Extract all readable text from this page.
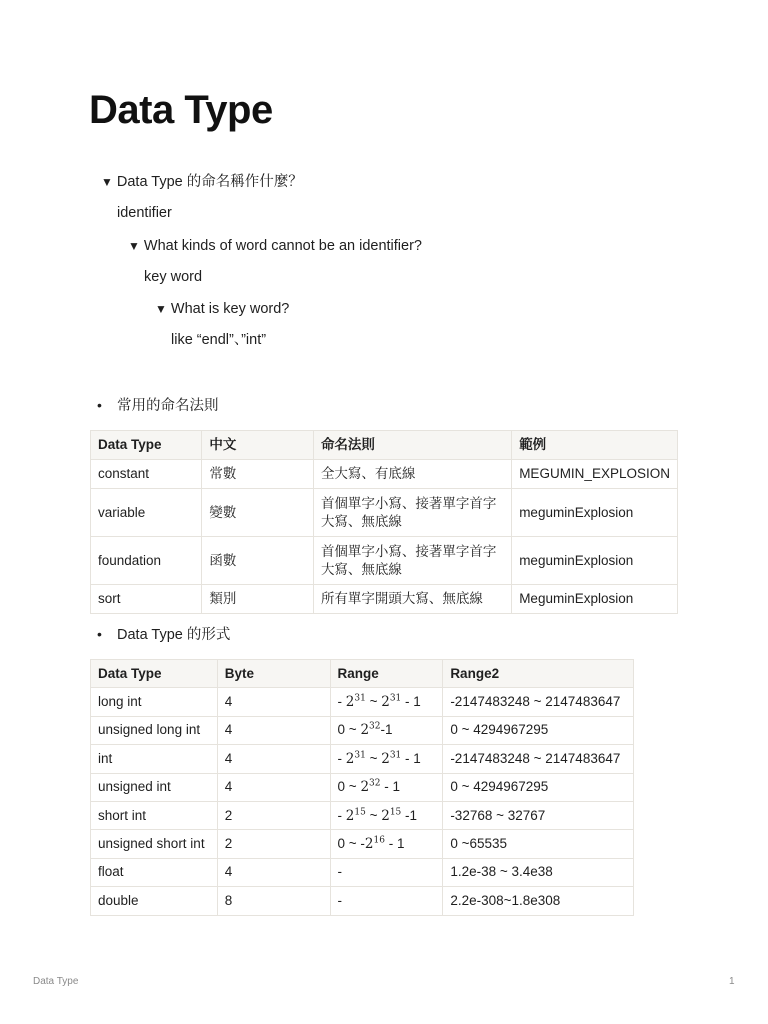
Data Type
▼ Data Type 的命名稱作什麼？
identifier
▼ What kinds of word cannot be an identifier?
key word
▼ What is key word?
like “endl”、”int”
• 常用的命名法則
Data Type	中文	命名法則	範例
constant	常數	全大寫、有底線	MEGUMIN_EXPLOSION
variable	變數	首個單字小寫、接著單字首字大寫、無底線	meguminExplosion
foundation	函數	首個單字小寫、接著單字首字大寫、無底線	meguminExplosion
sort	類別	所有單字開頭大寫、無底線	MeguminExplosion
• Data Type 的形式
Data Type	Byte	Range	Range2
long int	4	- $2^{31}$ ~ $2^{31} - 1$	-2147483248 ~ 2147483647
unsigned long int	4	0 ~ $2^{32}-1$	0 ~ 4294967295
int	4	- $2^{31}$ ~ $2^{31} - 1$	-2147483248 ~ 2147483647
unsigned int	4	0 ~ $2^{32} - 1$	0 ~ 4294967295
short int	2	- $2^{15}$ ~ $2^{15}$ -1	-32768 ~ 32767
unsigned short int	2	0 ~ $-2^{16} - 1$	0 ~65535
float	4	-	1.2e-38 ~ 3.4e38
double	8	-	2.2e-308~1.8e308
Data Type	1
